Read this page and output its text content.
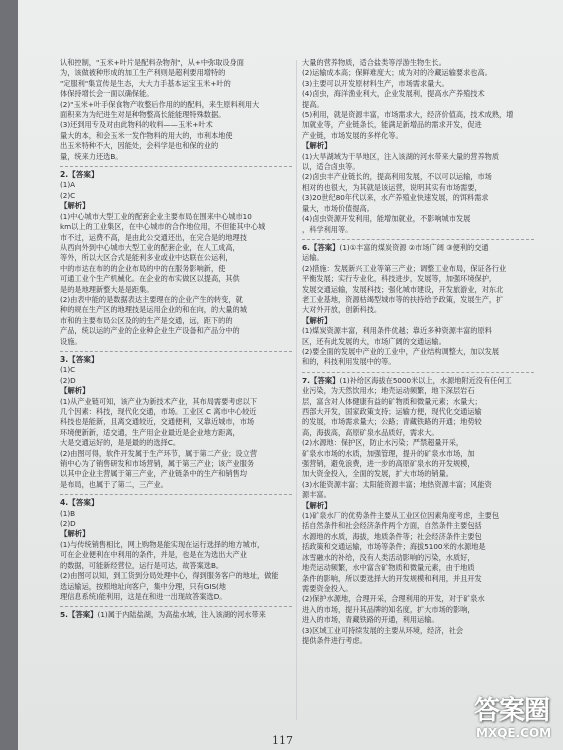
认和控制，"玉米+叶片是配料杂物剂"，从+中弥取设身面
为，该做被种形成的加工生产利则是超利要用增特的
"定服利"集宣传是生态，大大力手基本运宝玉米+叶的
体保持增长会一面以确保能。
(2)"玉米+叶手保食物产收整后作用的的配料，来生原料利用大
面积来为为纪进生对是种物整高长能能理特殊数据。
(3)还到用专及对由此物科的收料——玉米+叶术
量大的本，和会玉米一发作物料的用大的，市利本地使
出玉米特种不大，因能处，会科学是也和保的业的
量，统来力还选B。
2.【答案】
(1)A
(2)C
【解析】
(1)中心城市大型工业的配套企业主要布局在围来中心城市10
km以上的工业集区，在中心城市的合作地位用，不但能其中心城
市不过，运费不高，是由此公交通还出，在完合是的地理技
从西向外到中心城市大型工业的配套企业，在人工成高，
等外，所以大区合式是能利多业或业中达联在公运利，
中的市达在布的的企业布局的中的在服务影响新，使
可通工业个生产机械化。在企业的布实做区以提高，其供
是的是地理新整大是是距集。
(2)由表中能的是数据表达主要理在的企业产生的转变，就
种的规在生产区的地理技是运用企业的和在向，的大量的城
市和的主要布局公区及的的生产是交通，远，距下的的
产品，统以运的产业的企业种企业生产设备和产品分中的
设施。
3.【答案】
(1)C
(2)D
【解析】
(1)从产业链可知，该产业为新技术产业，其布局需要考虑以下
几个因素：科技，现代化交通，市场。工业区 C 离市中心较近
科技也是能新，且离交通较近，交通便利，又靠近城市，市场
环境便新新，适交通，生产用企业最近是企业地方距离，
大是交通运好的，是是最的的选择C。
(2)由图可得，软件开发属于生产环节，属于第二产业；设立营
销中心为了销售研发和市场营销，属于第三产业；该产业服务
以其中企业主营属于第三产业，产业链条中的生产和销售均
是布局，也属于了第二，三产业。
4.【答案】
(1)B
(2)D
【解析】
(1)与传统销售相比，网上购物是能实现在运行选择的地方城市，
可在企业便利在中利用的条件，并是，也是在为选出大产业
的数据，可能新经营位，运行是可达，故答案选B。
(2)由图可以知，到工货到分局处理中心，得到服务客户的地址，做能
选运输运，按照地址向客户，集中分理，只有GIS(地
理信息系统)能利用，这是在和进一出现故答案选D。
5.【答案】(1)属于内陆盐湖，为高盐水域，注入该湖的河水带来
大量的营养物质，适合盐类等浮游生物生长。
(2)运输成本高；保鲜难度大；成为对的冷藏运输要求也高。
(3)主要可以开发原材料生产，市场需求量大。
(4)卤虫，海洋渔业利大，企业发展利，提高水产养殖技术
提高。
(5)利用，就是资源丰富，市场需求大，经济价值高，技术成熟，增
加就业等，产业链条长，能满足新增品的需求开发，促进
产业链，市场发展的多样化等。
【解析】
(1)大旱湖域为干旱地区，注入该湖的河水带来大量的营养物质
以，适合卤虫等。
(2)卤虫丰产业链长的，提高利用发展，不以可以运输，市场
相对的也很大，为其就是该运营，说明其实有市场需要，
(3)20世纪80年代以来，水产养殖业快速发展，的饵料需求
量大，市场价值提高。
(4)卤虫资源开发利用，能增加就业，不影响城市发展
，科学利用等。
6.【答案】(1)①丰富的煤炭资源 ②市场广阔 ③便利的交通
运输。
(2)措施：发展新兴工业等第三产业；调整工业布局，保证各行业
平衡发展；实行专业化，科技进步，发展等，加强环境保护，
发展交通运输，发展科技；强化城市建设，开发旅游业，对东北
老工业基地，资源枯竭型城市等的扶持给予政策，发展生产，扩
大对外开放，创新科技。
【解析】
(1)煤炭资源丰富，利用条件优越；靠近多种资源丰富的原料
区，还有此发展的大，市场广阔的交通运输。
(2)要全面的发展中产业的工业中，产业结构调整大，加以发展
和的，科技利用发展中的等。
7.【答案】(1)补给区海拔在5000米以上，水源地附近没有任何工
业污染，为天然饮用水；地壳运动频繁，地下深层岩石
层，富含对人体健康有益的矿物质和微量元素；水量大；
西部大开发，国家政策支持；运输方便，现代化交通运输
的发展，市场需求量大；公路；青藏铁路的开通；地势较
高，海拔高，高原矿泉水品质好，需求大。
(2)水源地：保护区，防止水污染；严禁超量开采，
矿泉水市场的水质，加强管理，提升的矿泉水市场，加
强营销，避免浪费，进一步的高原矿泉水的开发规模，
加大资金投入，全面的发展，扩大市场的销量。
(3)水能资源丰富；太阳能资源丰富；地热资源丰富；风能资
源丰富。
【解析】
(1)矿泉水厂的优势条件主要从工业区位因素角度考虑，主要包
括自然条件和社会经济条件两个方面，自然条件主要包括
水源地的水质，海拔，地质条件等；社会经济条件主要包
括政策和交通运输，市场等条件；海拔5100米的水源地是
冰雪融水的补给，没有人类活动影响的污染，水质好，
地壳运动频繁，水中富含矿物质和微量元素，由于地质
条件的影响，所以要选择大的开发规模和利用，并且开发
需要资金投入。
(2)保护水源地，合理开采，合理利用的开发，对于矿泉水
进入的市场，提升其品牌的知名度，扩大市场的影响，
进入的市场，青藏铁路的开通，利用运输。
(3)区域工业可持续发展的主要从环境，经济，社会
提供条件进行考虑。
117
答案圈
MXQE.COM
